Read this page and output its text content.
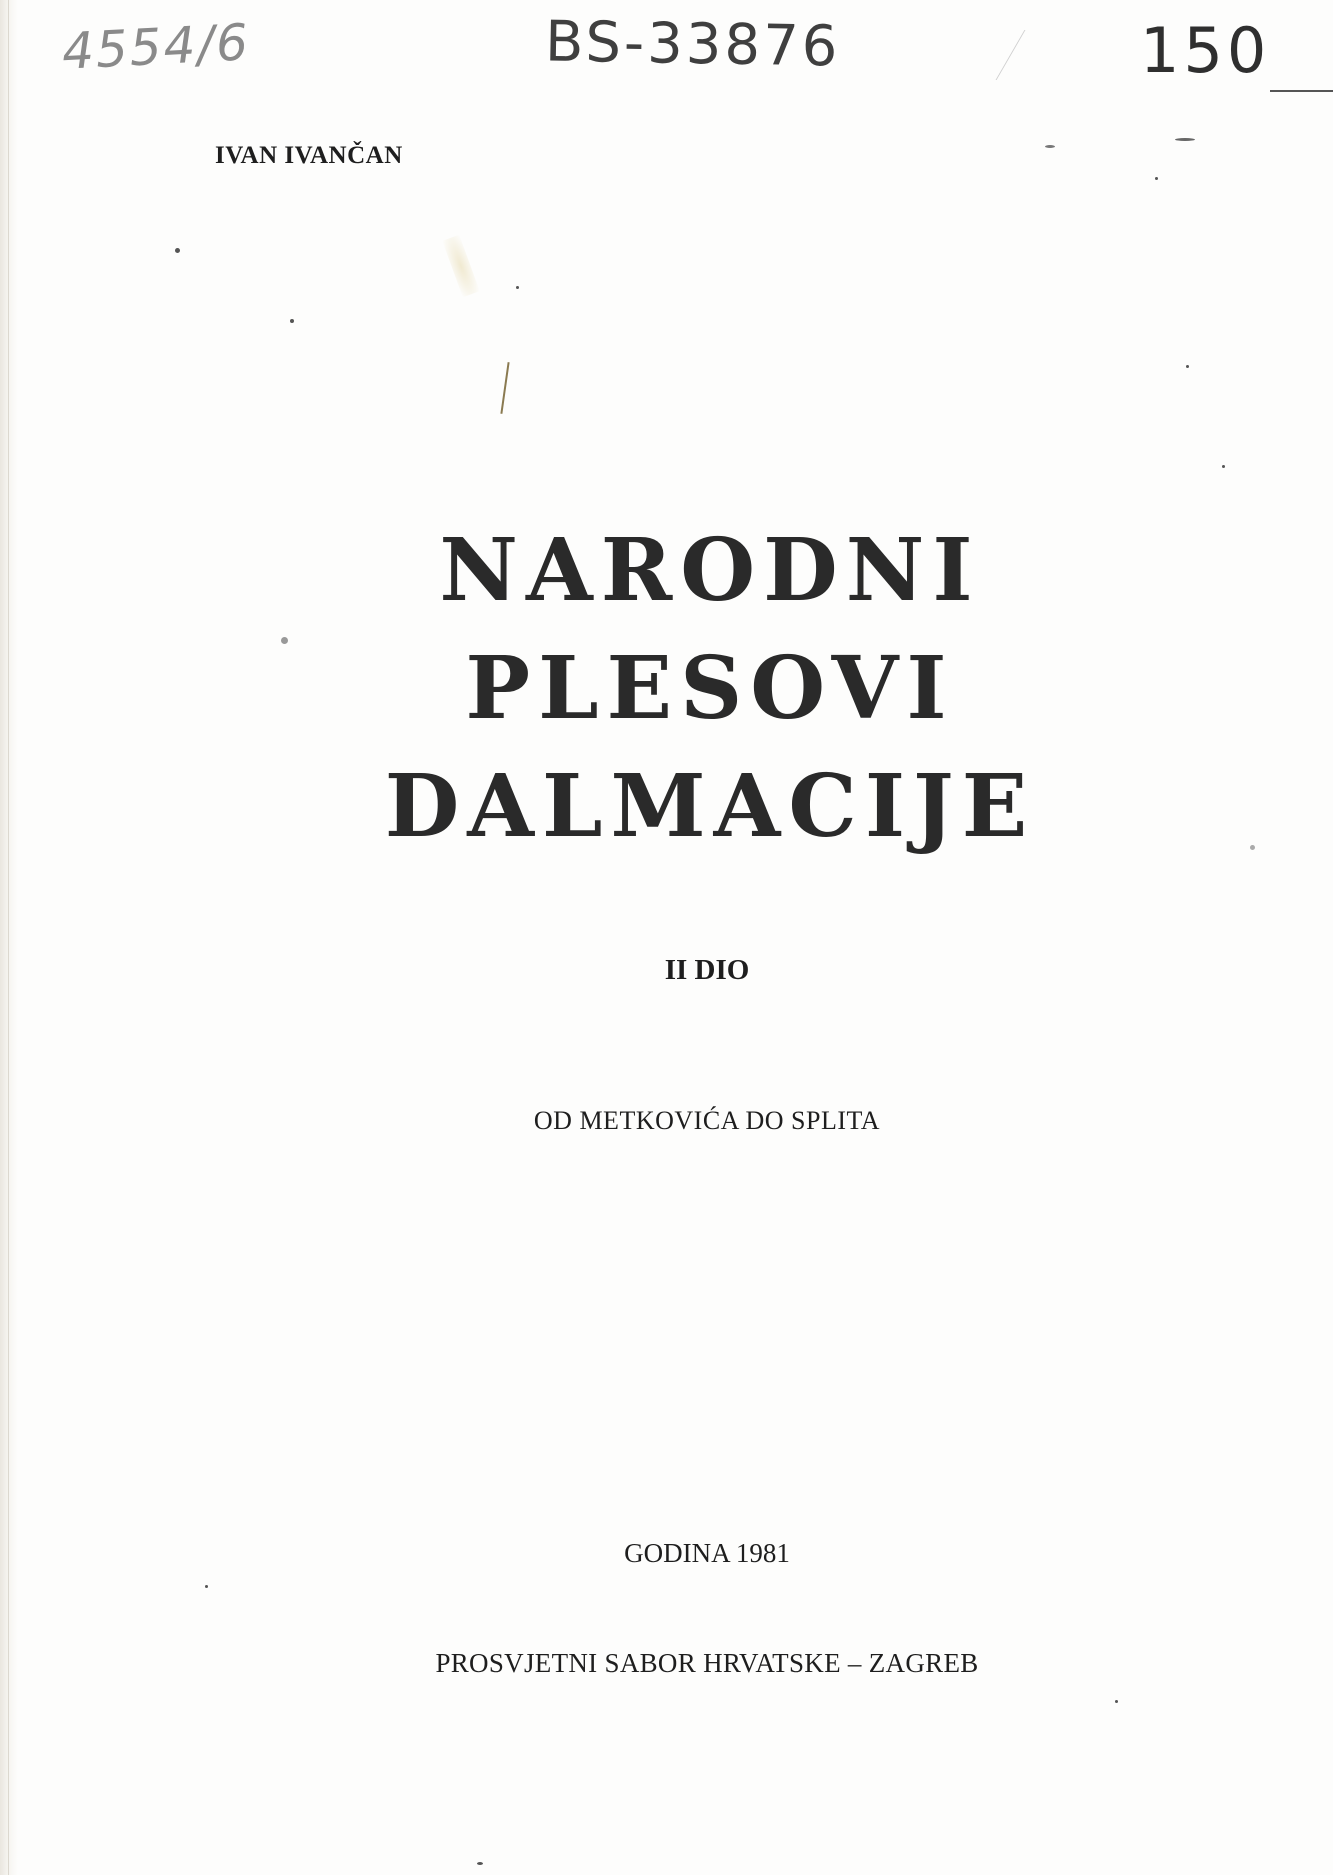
4554/6	BS-33876	150
IVAN IVANČAN
NARODNI
PLESOVI
DALMACIJE
II DIO
OD METKOVIĆA DO SPLITA
GODINA 1981
PROSVJETNI SABOR HRVATSKE – ZAGREB
